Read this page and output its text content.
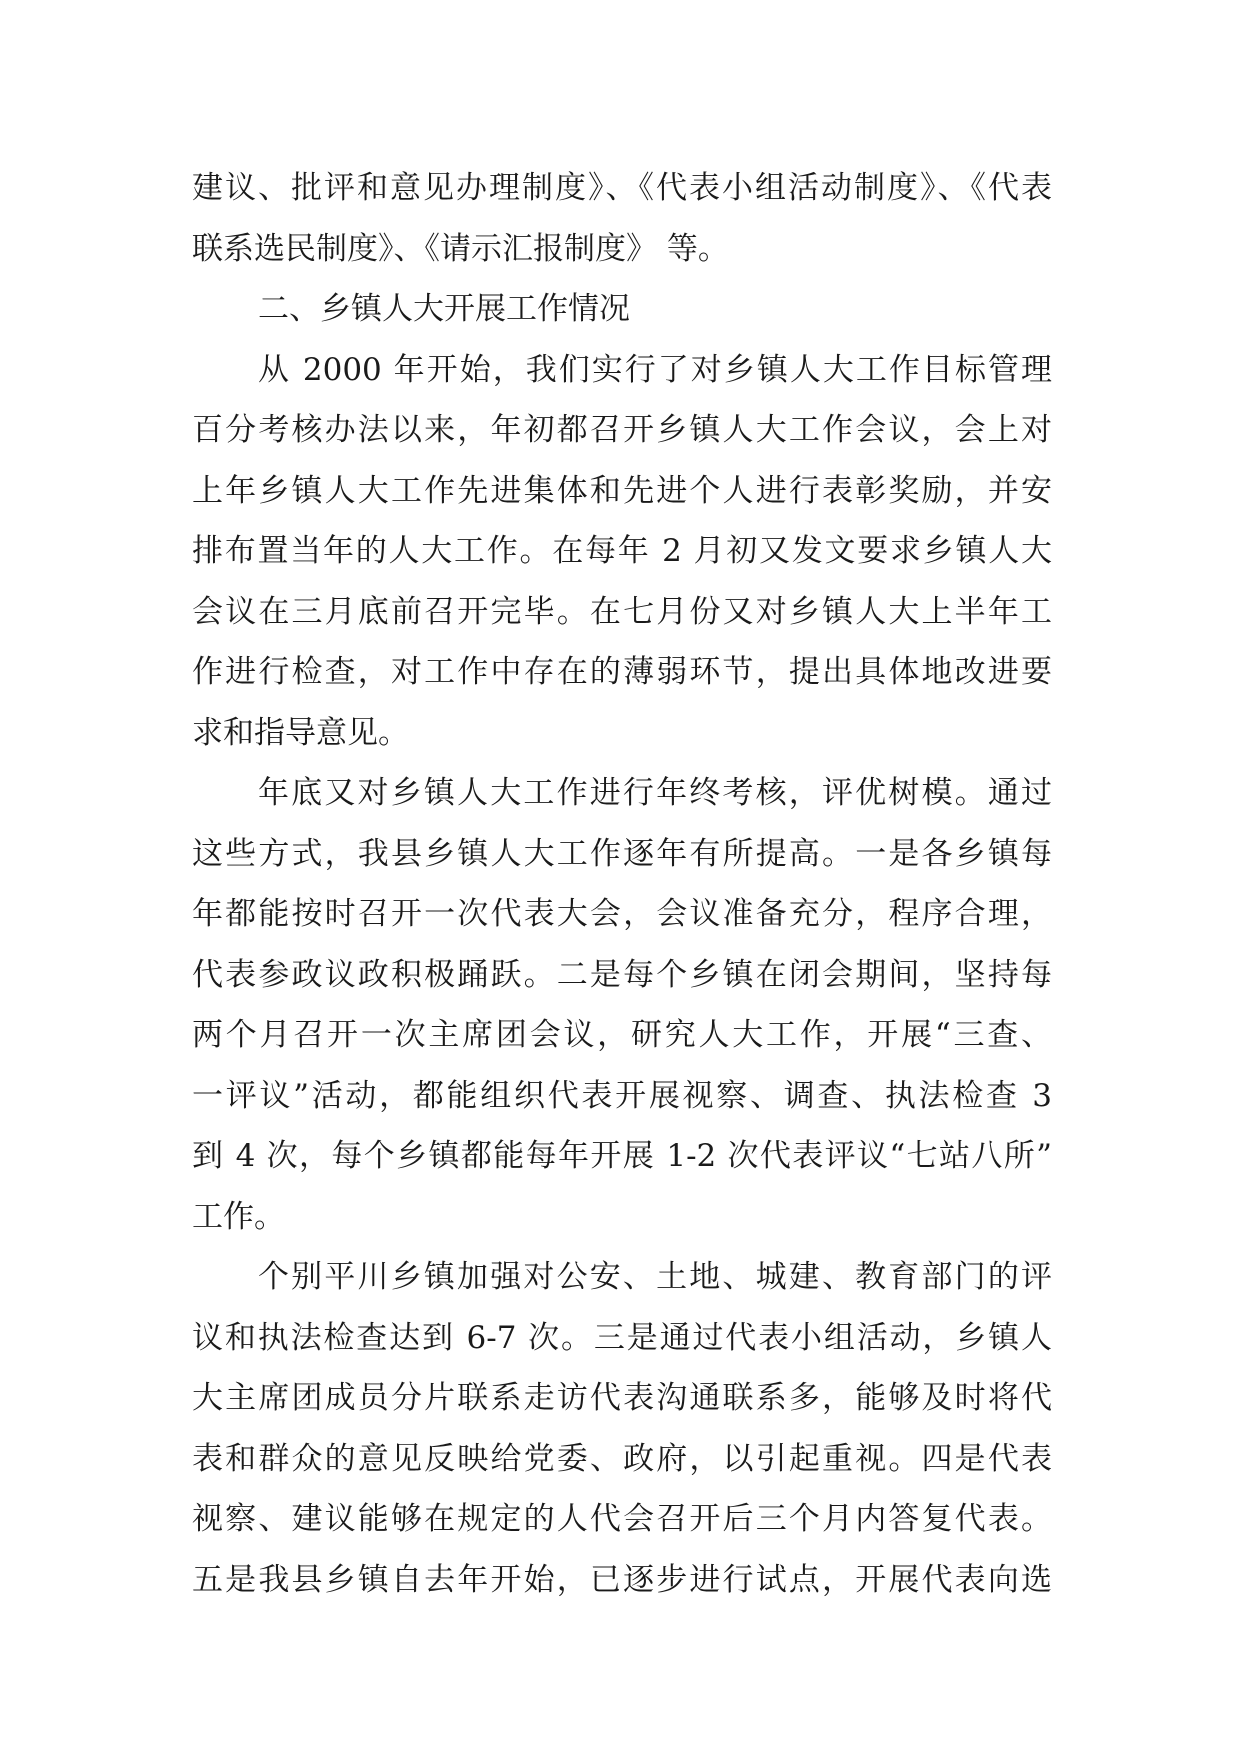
建议、批评和意见办理制度》、《代表小组活动制度》、《代表
联系选民制度》、《请示汇报制度》 等。
二、乡镇人大开展工作情况
从 2000 年开始，我们实行了对乡镇人大工作目标管理
百分考核办法以来，年初都召开乡镇人大工作会议，会上对
上年乡镇人大工作先进集体和先进个人进行表彰奖励，并安
排布置当年的人大工作。在每年 2 月初又发文要求乡镇人大
会议在三月底前召开完毕。在七月份又对乡镇人大上半年工
作进行检查，对工作中存在的薄弱环节，提出具体地改进要
求和指导意见。
年底又对乡镇人大工作进行年终考核，评优树模。通过
这些方式，我县乡镇人大工作逐年有所提高。一是各乡镇每
年都能按时召开一次代表大会，会议准备充分，程序合理，
代表参政议政积极踊跃。二是每个乡镇在闭会期间，坚持每
两个月召开一次主席团会议，研究人大工作，开展“三查、
一评议”活动，都能组织代表开展视察、调查、执法检查 3
到 4 次，每个乡镇都能每年开展 1-2 次代表评议“七站八所”
工作。
个别平川乡镇加强对公安、土地、城建、教育部门的评
议和执法检查达到 6-7 次。三是通过代表小组活动，乡镇人
大主席团成员分片联系走访代表沟通联系多，能够及时将代
表和群众的意见反映给党委、政府，以引起重视。四是代表
视察、建议能够在规定的人代会召开后三个月内答复代表。
五是我县乡镇自去年开始，已逐步进行试点，开展代表向选
